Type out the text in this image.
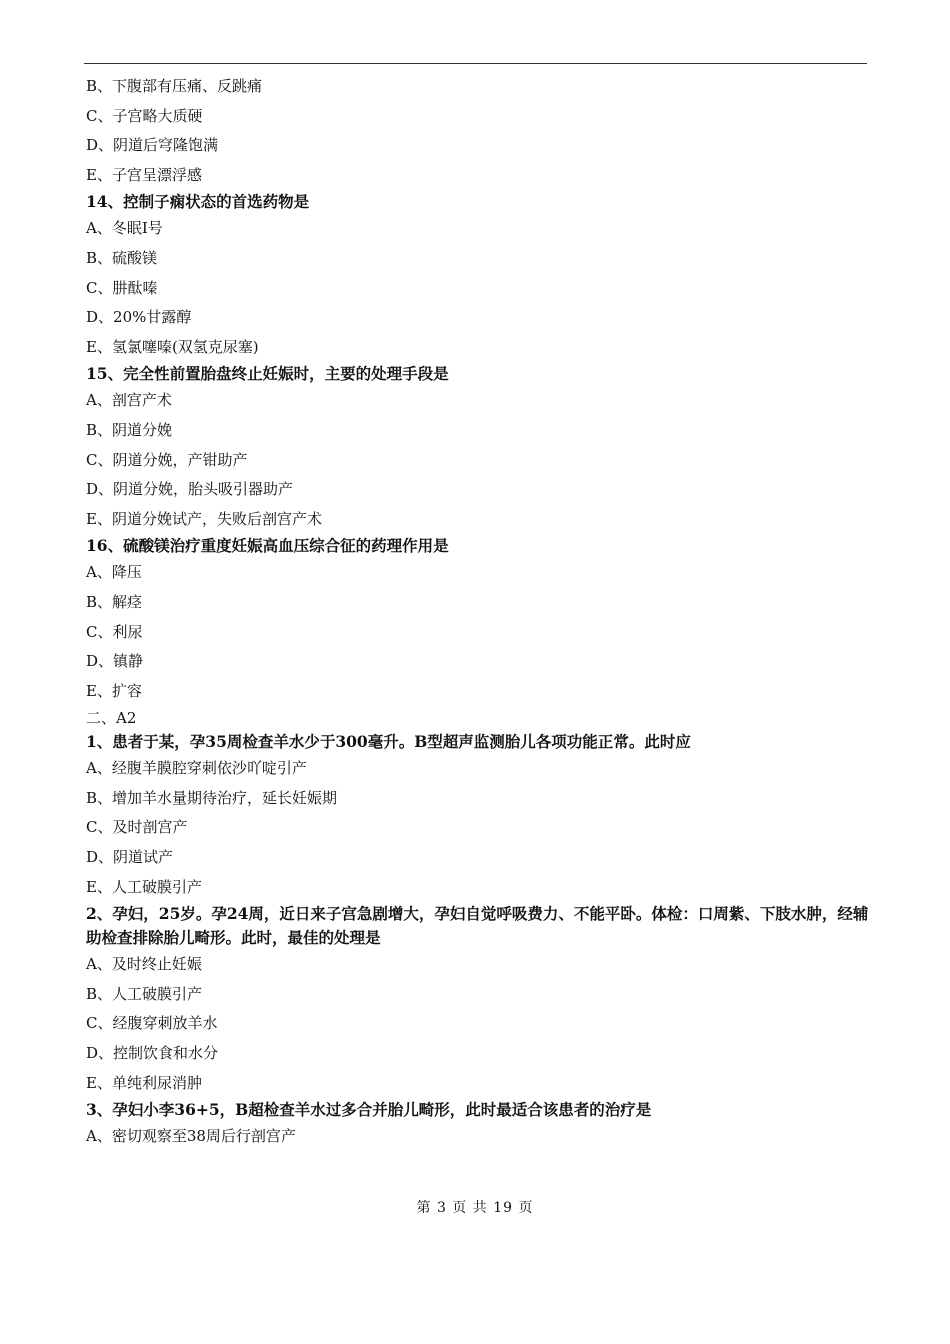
B、下腹部有压痛、反跳痛
C、子宫略大质硬
D、阴道后穹隆饱满
E、子宫呈漂浮感
14、控制子痫状态的首选药物是
A、冬眠Ⅰ号
B、硫酸镁
C、肼酞嗪
D、20%甘露醇
E、氢氯噻嗪(双氢克尿塞)
15、完全性前置胎盘终止妊娠时，主要的处理手段是
A、剖宫产术
B、阴道分娩
C、阴道分娩，产钳助产
D、阴道分娩，胎头吸引器助产
E、阴道分娩试产，失败后剖宫产术
16、硫酸镁治疗重度妊娠高血压综合征的药理作用是
A、降压
B、解痉
C、利尿
D、镇静
E、扩容
二、A2
1、患者于某，孕35周检查羊水少于300毫升。B型超声监测胎儿各项功能正常。此时应
A、经腹羊膜腔穿刺依沙吖啶引产
B、增加羊水量期待治疗，延长妊娠期
C、及时剖宫产
D、阴道试产
E、人工破膜引产
2、孕妇，25岁。孕24周，近日来子宫急剧增大，孕妇自觉呼吸费力、不能平卧。体检：口周紫、下肢水肿，经辅助检查排除胎儿畸形。此时，最佳的处理是
A、及时终止妊娠
B、人工破膜引产
C、经腹穿刺放羊水
D、控制饮食和水分
E、单纯利尿消肿
3、孕妇小李36+5，B超检查羊水过多合并胎儿畸形，此时最适合该患者的治疗是
A、密切观察至38周后行剖宫产
第 3 页 共 19 页
